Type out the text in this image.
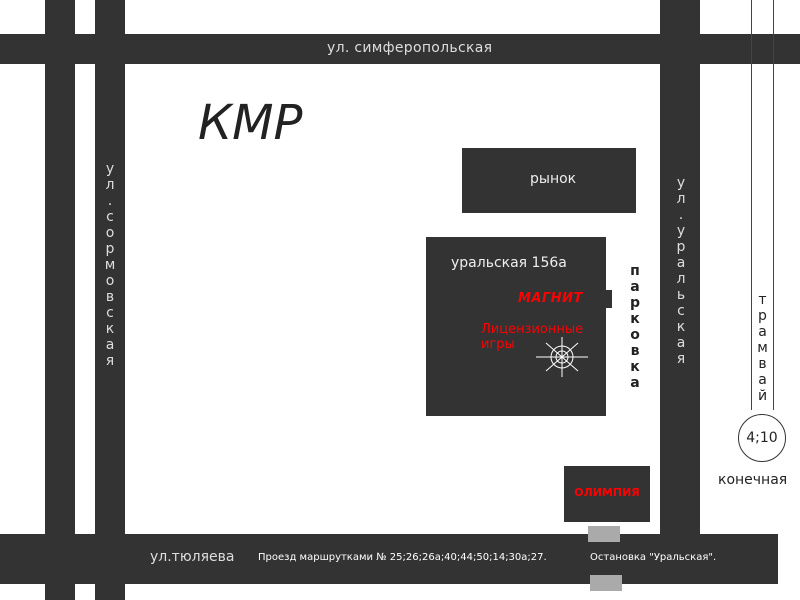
ул. симферопольская
у
л
.
с
о
р
м
о
в
с
к
а
я
у
л
.
у
р
а
л
ь
с
к
а
я
ул.тюляева
КМР
рынок
уральская 156а
МАГНИТ
Лицензионные
игры
п
а
р
к
о
в
к
а
ОЛИМПИЯ
Проезд маршрутками № 25;26;26а;40;44;50;14;30а;27.	Остановка "Уральская".
т
р
а
м
в
а
й
4;10
конечная
